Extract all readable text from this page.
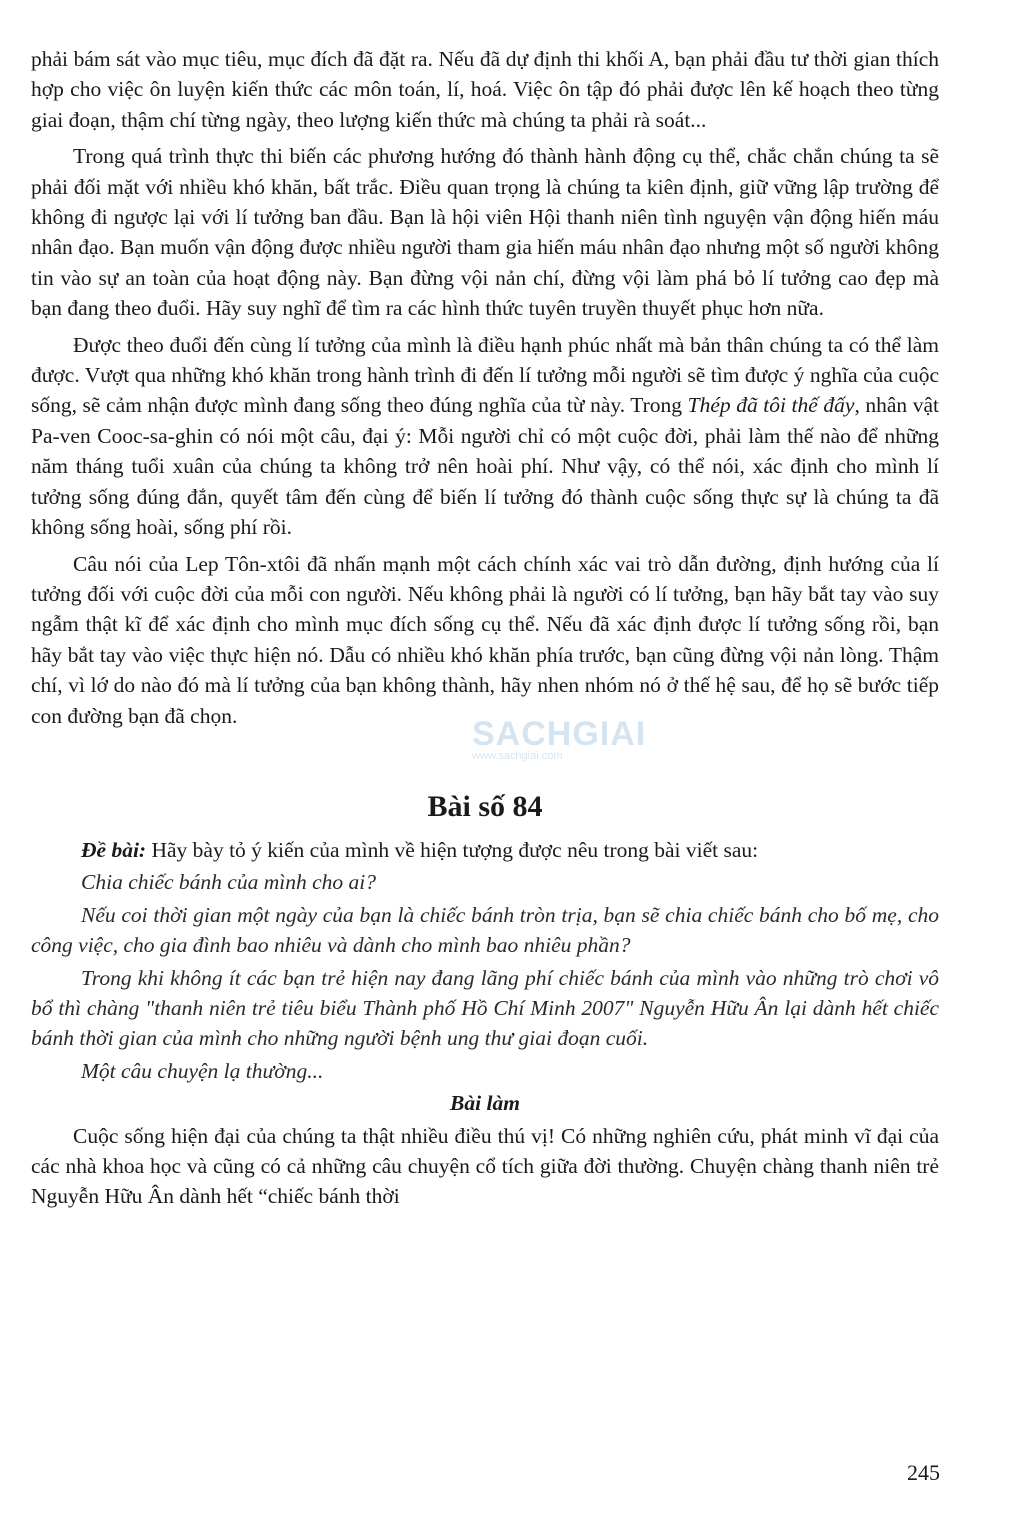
phải bám sát vào mục tiêu, mục đích đã đặt ra. Nếu đã dự định thi khối A, bạn phải đầu tư thời gian thích hợp cho việc ôn luyện kiến thức các môn toán, lí, hoá. Việc ôn tập đó phải được lên kế hoạch theo từng giai đoạn, thậm chí từng ngày, theo lượng kiến thức mà chúng ta phải rà soát...

Trong quá trình thực thi biến các phương hướng đó thành hành động cụ thể, chắc chắn chúng ta sẽ phải đối mặt với nhiều khó khăn, bất trắc. Điều quan trọng là chúng ta kiên định, giữ vững lập trường để không đi ngược lại với lí tưởng ban đầu. Bạn là hội viên Hội thanh niên tình nguyện vận động hiến máu nhân đạo. Bạn muốn vận động được nhiều người tham gia hiến máu nhân đạo nhưng một số người không tin vào sự an toàn của hoạt động này. Bạn đừng vội nản chí, đừng vội làm phá bỏ lí tưởng cao đẹp mà bạn đang theo đuổi. Hãy suy nghĩ để tìm ra các hình thức tuyên truyền thuyết phục hơn nữa.

Được theo đuổi đến cùng lí tưởng của mình là điều hạnh phúc nhất mà bản thân chúng ta có thể làm được. Vượt qua những khó khăn trong hành trình đi đến lí tưởng mỗi người sẽ tìm được ý nghĩa của cuộc sống, sẽ cảm nhận được mình đang sống theo đúng nghĩa của từ này. Trong Thép đã tôi thế đấy, nhân vật Pa-ven Cooc-sa-ghin có nói một câu, đại ý: Mỗi người chỉ có một cuộc đời, phải làm thế nào để những năm tháng tuổi xuân của chúng ta không trở nên hoài phí. Như vậy, có thể nói, xác định cho mình lí tưởng sống đúng đắn, quyết tâm đến cùng để biến lí tưởng đó thành cuộc sống thực sự là chúng ta đã không sống hoài, sống phí rồi.

Câu nói của Lep Tôn-xtôi đã nhấn mạnh một cách chính xác vai trò dẫn đường, định hướng của lí tưởng đối với cuộc đời của mỗi con người. Nếu không phải là người có lí tưởng, bạn hãy bắt tay vào suy ngẫm thật kĩ để xác định cho mình mục đích sống cụ thể. Nếu đã xác định được lí tưởng sống rồi, bạn hãy bắt tay vào việc thực hiện nó. Dẫu có nhiều khó khăn phía trước, bạn cũng đừng vội nản lòng. Thậm chí, vì lớ do nào đó mà lí tưởng của bạn không thành, hãy nhen nhóm nó ở thế hệ sau, để họ sẽ bước tiếp con đường bạn đã chọn.

Bài số 84

Đề bài: Hãy bày tỏ ý kiến của mình về hiện tượng được nêu trong bài viết sau:

Chia chiếc bánh của mình cho ai?

Nếu coi thời gian một ngày của bạn là chiếc bánh tròn trịa, bạn sẽ chia chiếc bánh cho bố mẹ, cho công việc, cho gia đình bao nhiêu và dành cho mình bao nhiêu phần?

Trong khi không ít các bạn trẻ hiện nay đang lãng phí chiếc bánh của mình vào những trò chơi vô bổ thì chàng "thanh niên trẻ tiêu biểu Thành phố Hồ Chí Minh 2007" Nguyễn Hữu Ân lại dành hết chiếc bánh thời gian của mình cho những người bệnh ung thư giai đoạn cuối.

Một câu chuyện lạ thường...

Bài làm

Cuộc sống hiện đại của chúng ta thật nhiều điều thú vị! Có những nghiên cứu, phát minh vĩ đại của các nhà khoa học và cũng có cả những câu chuyện cổ tích giữa đời thường. Chuyện chàng thanh niên trẻ Nguyễn Hữu Ân dành hết “chiếc bánh thời

SACHGIAI
www.sachgiai.com
245
